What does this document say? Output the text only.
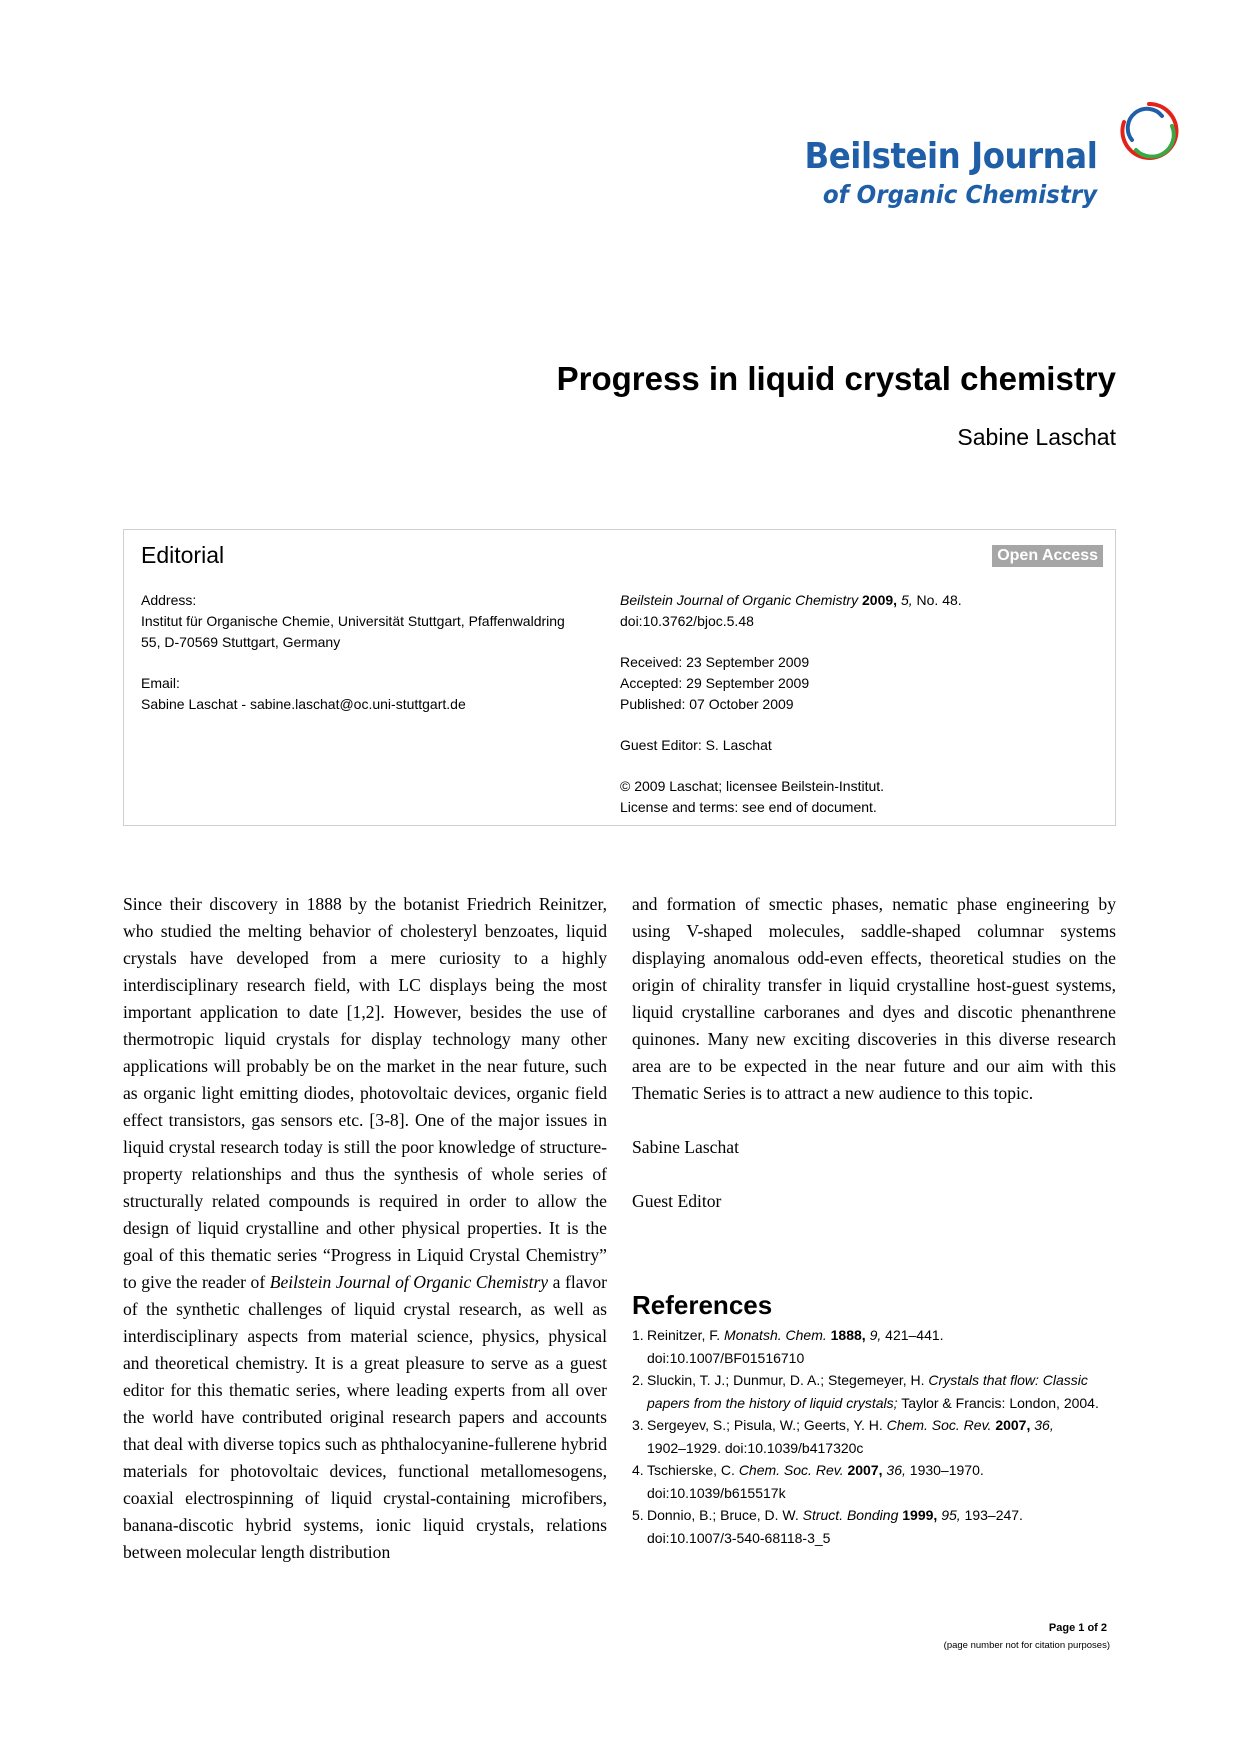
Beilstein Journal
of Organic Chemistry
Progress in liquid crystal chemistry
Sabine Laschat
Editorial	Open Access
Address:
Institut für Organische Chemie, Universität Stuttgart, Pfaffenwaldring
55, D-70569 Stuttgart, Germany
Email:
Sabine Laschat - sabine.laschat@oc.uni-stuttgart.de
Beilstein Journal of Organic Chemistry 2009, 5, No. 48.
doi:10.3762/bjoc.5.48
Received: 23 September 2009
Accepted: 29 September 2009
Published: 07 October 2009
Guest Editor: S. Laschat
© 2009 Laschat; licensee Beilstein-Institut.
License and terms: see end of document.

Since their discovery in 1888 by the botanist Friedrich Reinitzer, who studied the melting behavior of cholesteryl benzoates, liquid crystals have developed from a mere curiosity to a highly interdisciplinary research field, with LC displays being the most important application to date [1,2]. However, besides the use of thermotropic liquid crystals for display technology many other applications will probably be on the market in the near future, such as organic light emitting diodes, photovoltaic devices, organic field effect transistors, gas sensors etc. [3-8]. One of the major issues in liquid crystal research today is still the poor knowledge of structure-property relationships and thus the synthesis of whole series of structurally related compounds is required in order to allow the design of liquid crystalline and other physical properties. It is the goal of this thematic series “Progress in Liquid Crystal Chemistry” to give the reader of Beilstein Journal of Organic Chemistry a flavor of the synthetic challenges of liquid crystal research, as well as interdisciplinary aspects from material science, physics, physical and theoretical chemistry. It is a great pleasure to serve as a guest editor for this thematic series, where leading experts from all over the world have contributed original research papers and accounts that deal with diverse topics such as phthalocyanine-fullerene hybrid materials for photovoltaic devices, functional metallomesogens, coaxial electrospinning of liquid crystal-containing microfibers, banana-discotic hybrid systems, ionic liquid crystals, relations between molecular length distribution

and formation of smectic phases, nematic phase engineering by using V-shaped molecules, saddle-shaped columnar systems displaying anomalous odd-even effects, theoretical studies on the origin of chirality transfer in liquid crystalline host-guest systems, liquid crystalline carboranes and dyes and discotic phenanthrene quinones. Many new exciting discoveries in this diverse research area are to be expected in the near future and our aim with this Thematic Series is to attract a new audience to this topic.

Sabine Laschat

Guest Editor

References
1. Reinitzer, F. Monatsh. Chem. 1888, 9, 421–441.
doi:10.1007/BF01516710
2. Sluckin, T. J.; Dunmur, D. A.; Stegemeyer, H. Crystals that flow: Classic papers from the history of liquid crystals; Taylor & Francis: London, 2004.
3. Sergeyev, S.; Pisula, W.; Geerts, Y. H. Chem. Soc. Rev. 2007, 36,
1902–1929. doi:10.1039/b417320c
4. Tschierske, C. Chem. Soc. Rev. 2007, 36, 1930–1970.
doi:10.1039/b615517k
5. Donnio, B.; Bruce, D. W. Struct. Bonding 1999, 95, 193–247.
doi:10.1007/3-540-68118-3_5
Page 1 of 2
(page number not for citation purposes)
